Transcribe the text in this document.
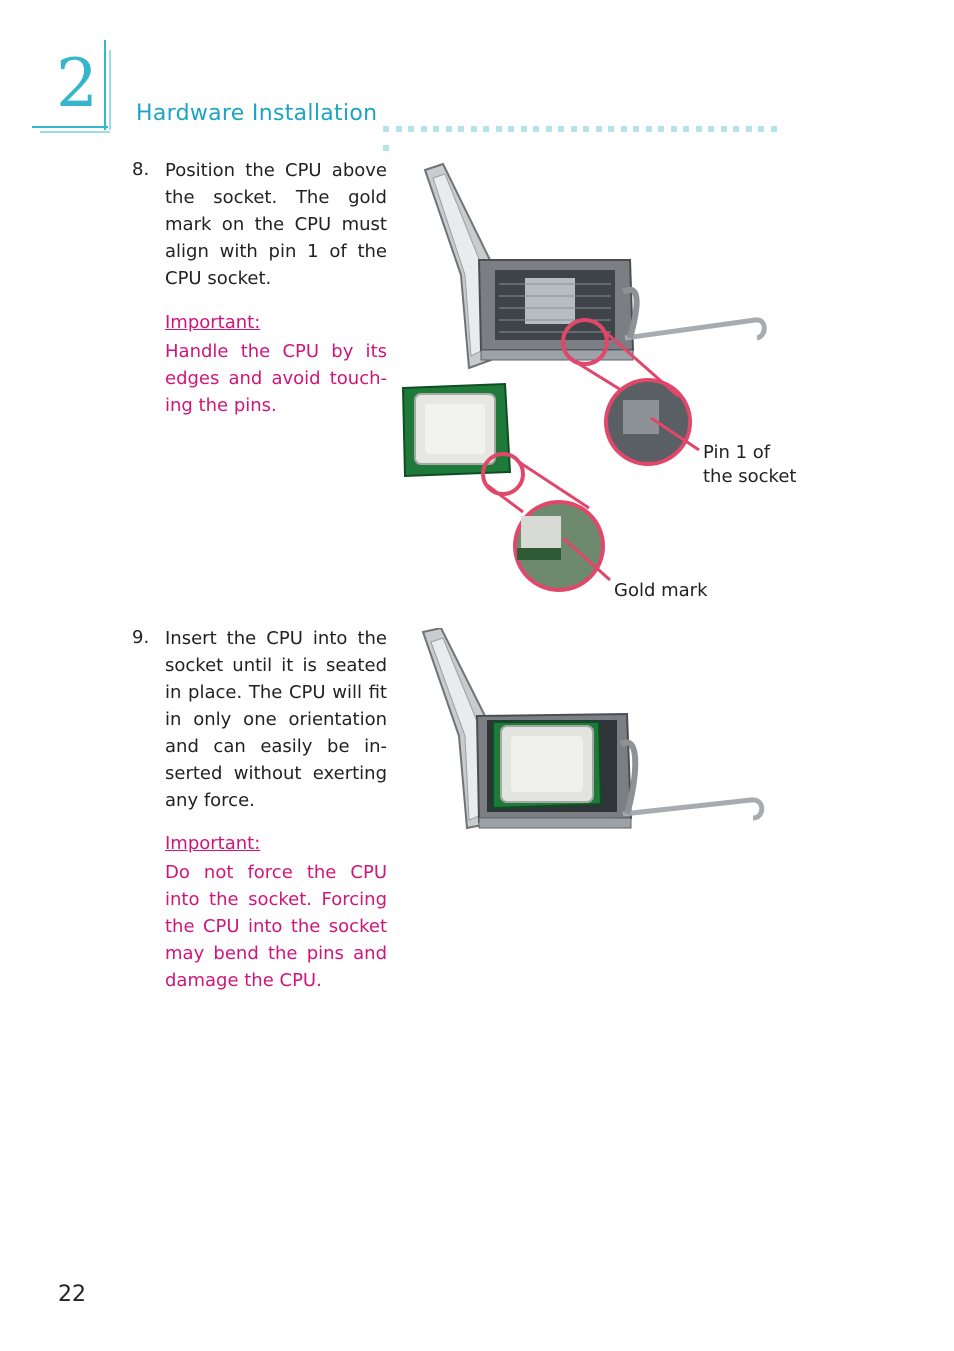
2 Hardware Installation
8. Position the CPU above the socket. The gold mark on the CPU must align with pin 1 of the CPU socket.
Important:
Handle the CPU by its edges and avoid touch-ing the pins.
Pin 1 of
the socket
Gold mark
9. Insert the CPU into the socket until it is seated in place. The CPU will fit in only one orientation and can easily be in-serted without exerting any force.
Important:
Do not force the CPU into the socket. Forcing the CPU into the socket may bend the pins and damage the CPU.
22
